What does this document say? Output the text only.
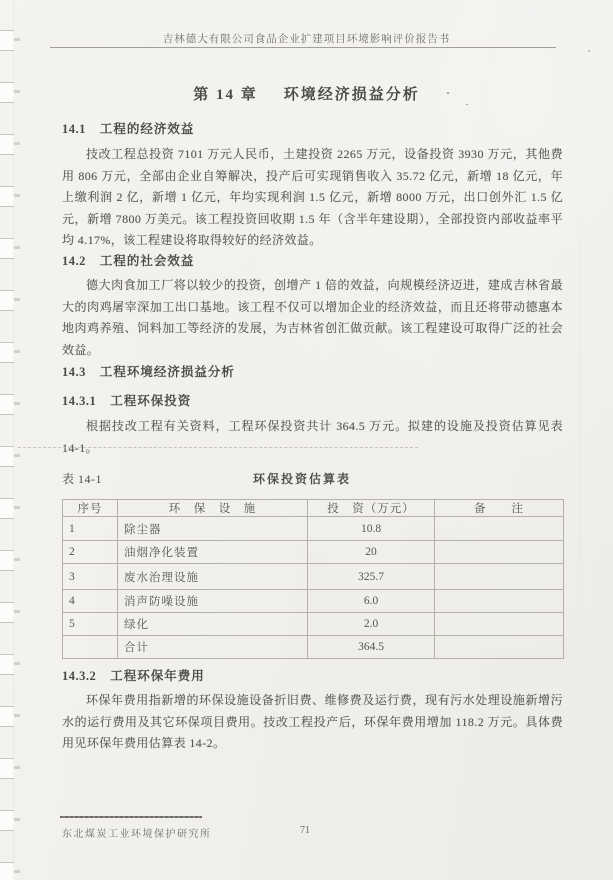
吉林德大有限公司食品企业扩建项目环境影响评价报告书
第 14 章 环境经济损益分析
14.1 工程的经济效益
技改工程总投资 7101 万元人民币，土建投资 2265 万元，设备投资 3930 万元，其他费用 806 万元，全部由企业自筹解决，投产后可实现销售收入 35.72 亿元，新增 18 亿元，年上缴利润 2 亿，新增 1 亿元，年均实现利润 1.5 亿元，新增 8000 万元，出口创外汇 1.5 亿元，新增 7800 万美元。该工程投资回收期 1.5 年（含半年建设期），全部投资内部收益率平均 4.17%，该工程建设将取得较好的经济效益。
14.2 工程的社会效益
德大肉食加工厂将以较少的投资，创增产 1 倍的效益，向规模经济迈进，建成吉林省最大的肉鸡屠宰深加工出口基地。该工程不仅可以增加企业的经济效益，而且还将带动德惠本地肉鸡养殖、饲料加工等经济的发展，为吉林省创汇做贡献。该工程建设可取得广泛的社会效益。
14.3 工程环境经济损益分析
14.3.1 工程环保投资
根据技改工程有关资料，工程环保投资共计 364.5 万元。拟建的设施及投资估算见表 14-1。
表 14-1	环保投资估算表
序号	环　保　设　施	投　资（万元）	备　　注
1	除尘器	10.8	
2	油烟净化装置	20	
3	废水治理设施	325.7	
4	消声防噪设施	6.0	
5	绿化	2.0	
	合计	364.5	
14.3.2 工程环保年费用
环保年费用指新增的环保设施设备折旧费、维修费及运行费，现有污水处理设施新增污水的运行费用及其它环保项目费用。技改工程投产后，环保年费用增加 118.2 万元。具体费用见环保年费用估算表 14-2。
东北煤炭工业环境保护研究所	71
